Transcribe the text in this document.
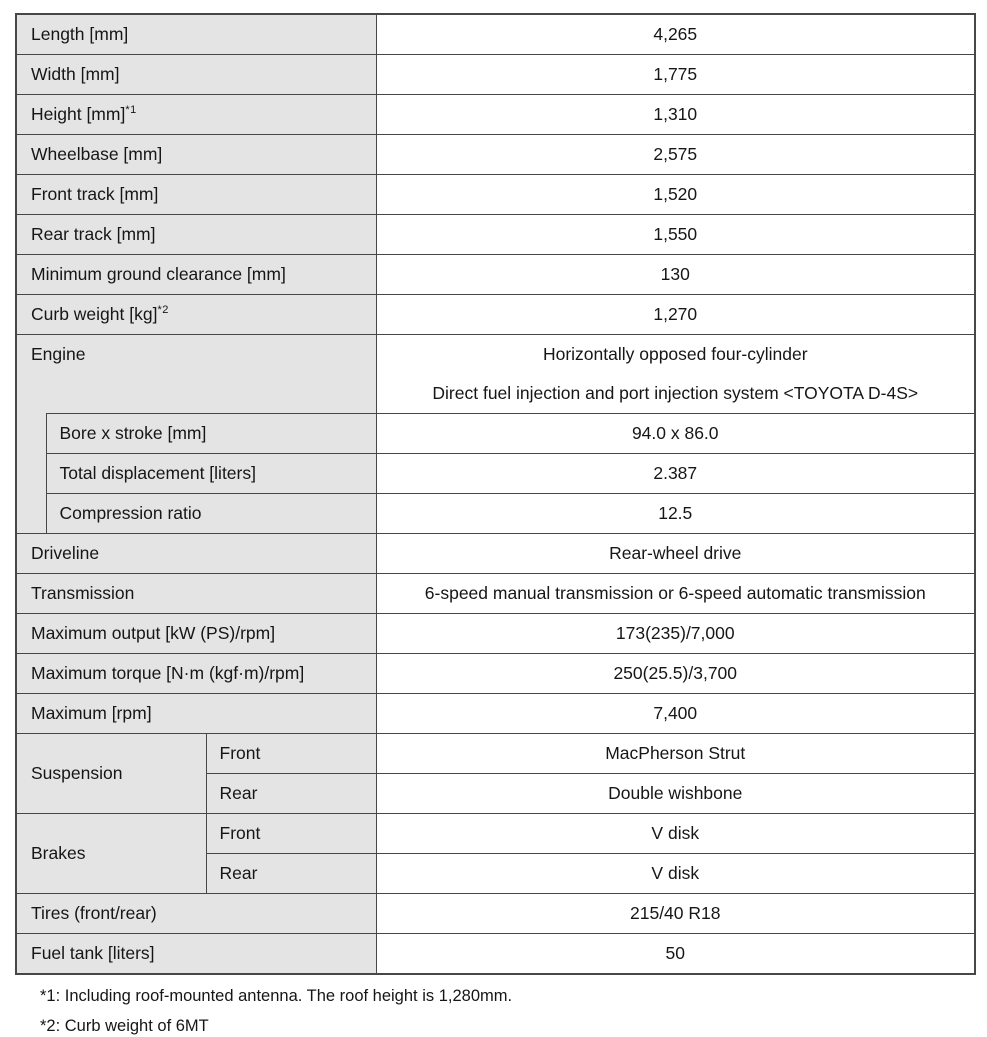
Length [mm]			4,265
Width [mm]			1,775
Height [mm]$^{*1}$			1,310
Wheelbase [mm]			2,575
Front track [mm]			1,520
Rear track [mm]			1,550
Minimum ground clearance [mm]			130
Curb weight [kg]$^{*2}$			1,270

Engine			Horizontally opposed four-cylinder
Direct fuel injection and port injection system <TOYOTA D-4S>

	Bore x stroke [mm]		94.0 x 86.0
	Total displacement [liters]		2.387
	Compression ratio		12.5
Driveline			Rear-wheel drive
Transmission			6-speed manual transmission or 6-speed automatic transmission
Maximum output [kW (PS)/rpm]			173(235)/7,000
Maximum torque [N·m (kgf·m)/rpm]			250(25.5)/3,700
Maximum [rpm]			7,400
Suspension		Front	MacPherson Strut
		Rear	Double wishbone
Brakes		Front	V disk
		Rear	V disk
Tires (front/rear)			215/40 R18
Fuel tank [liters]			50
*1: Including roof-mounted antenna. The roof height is 1,280mm.
*2: Curb weight of 6MT
